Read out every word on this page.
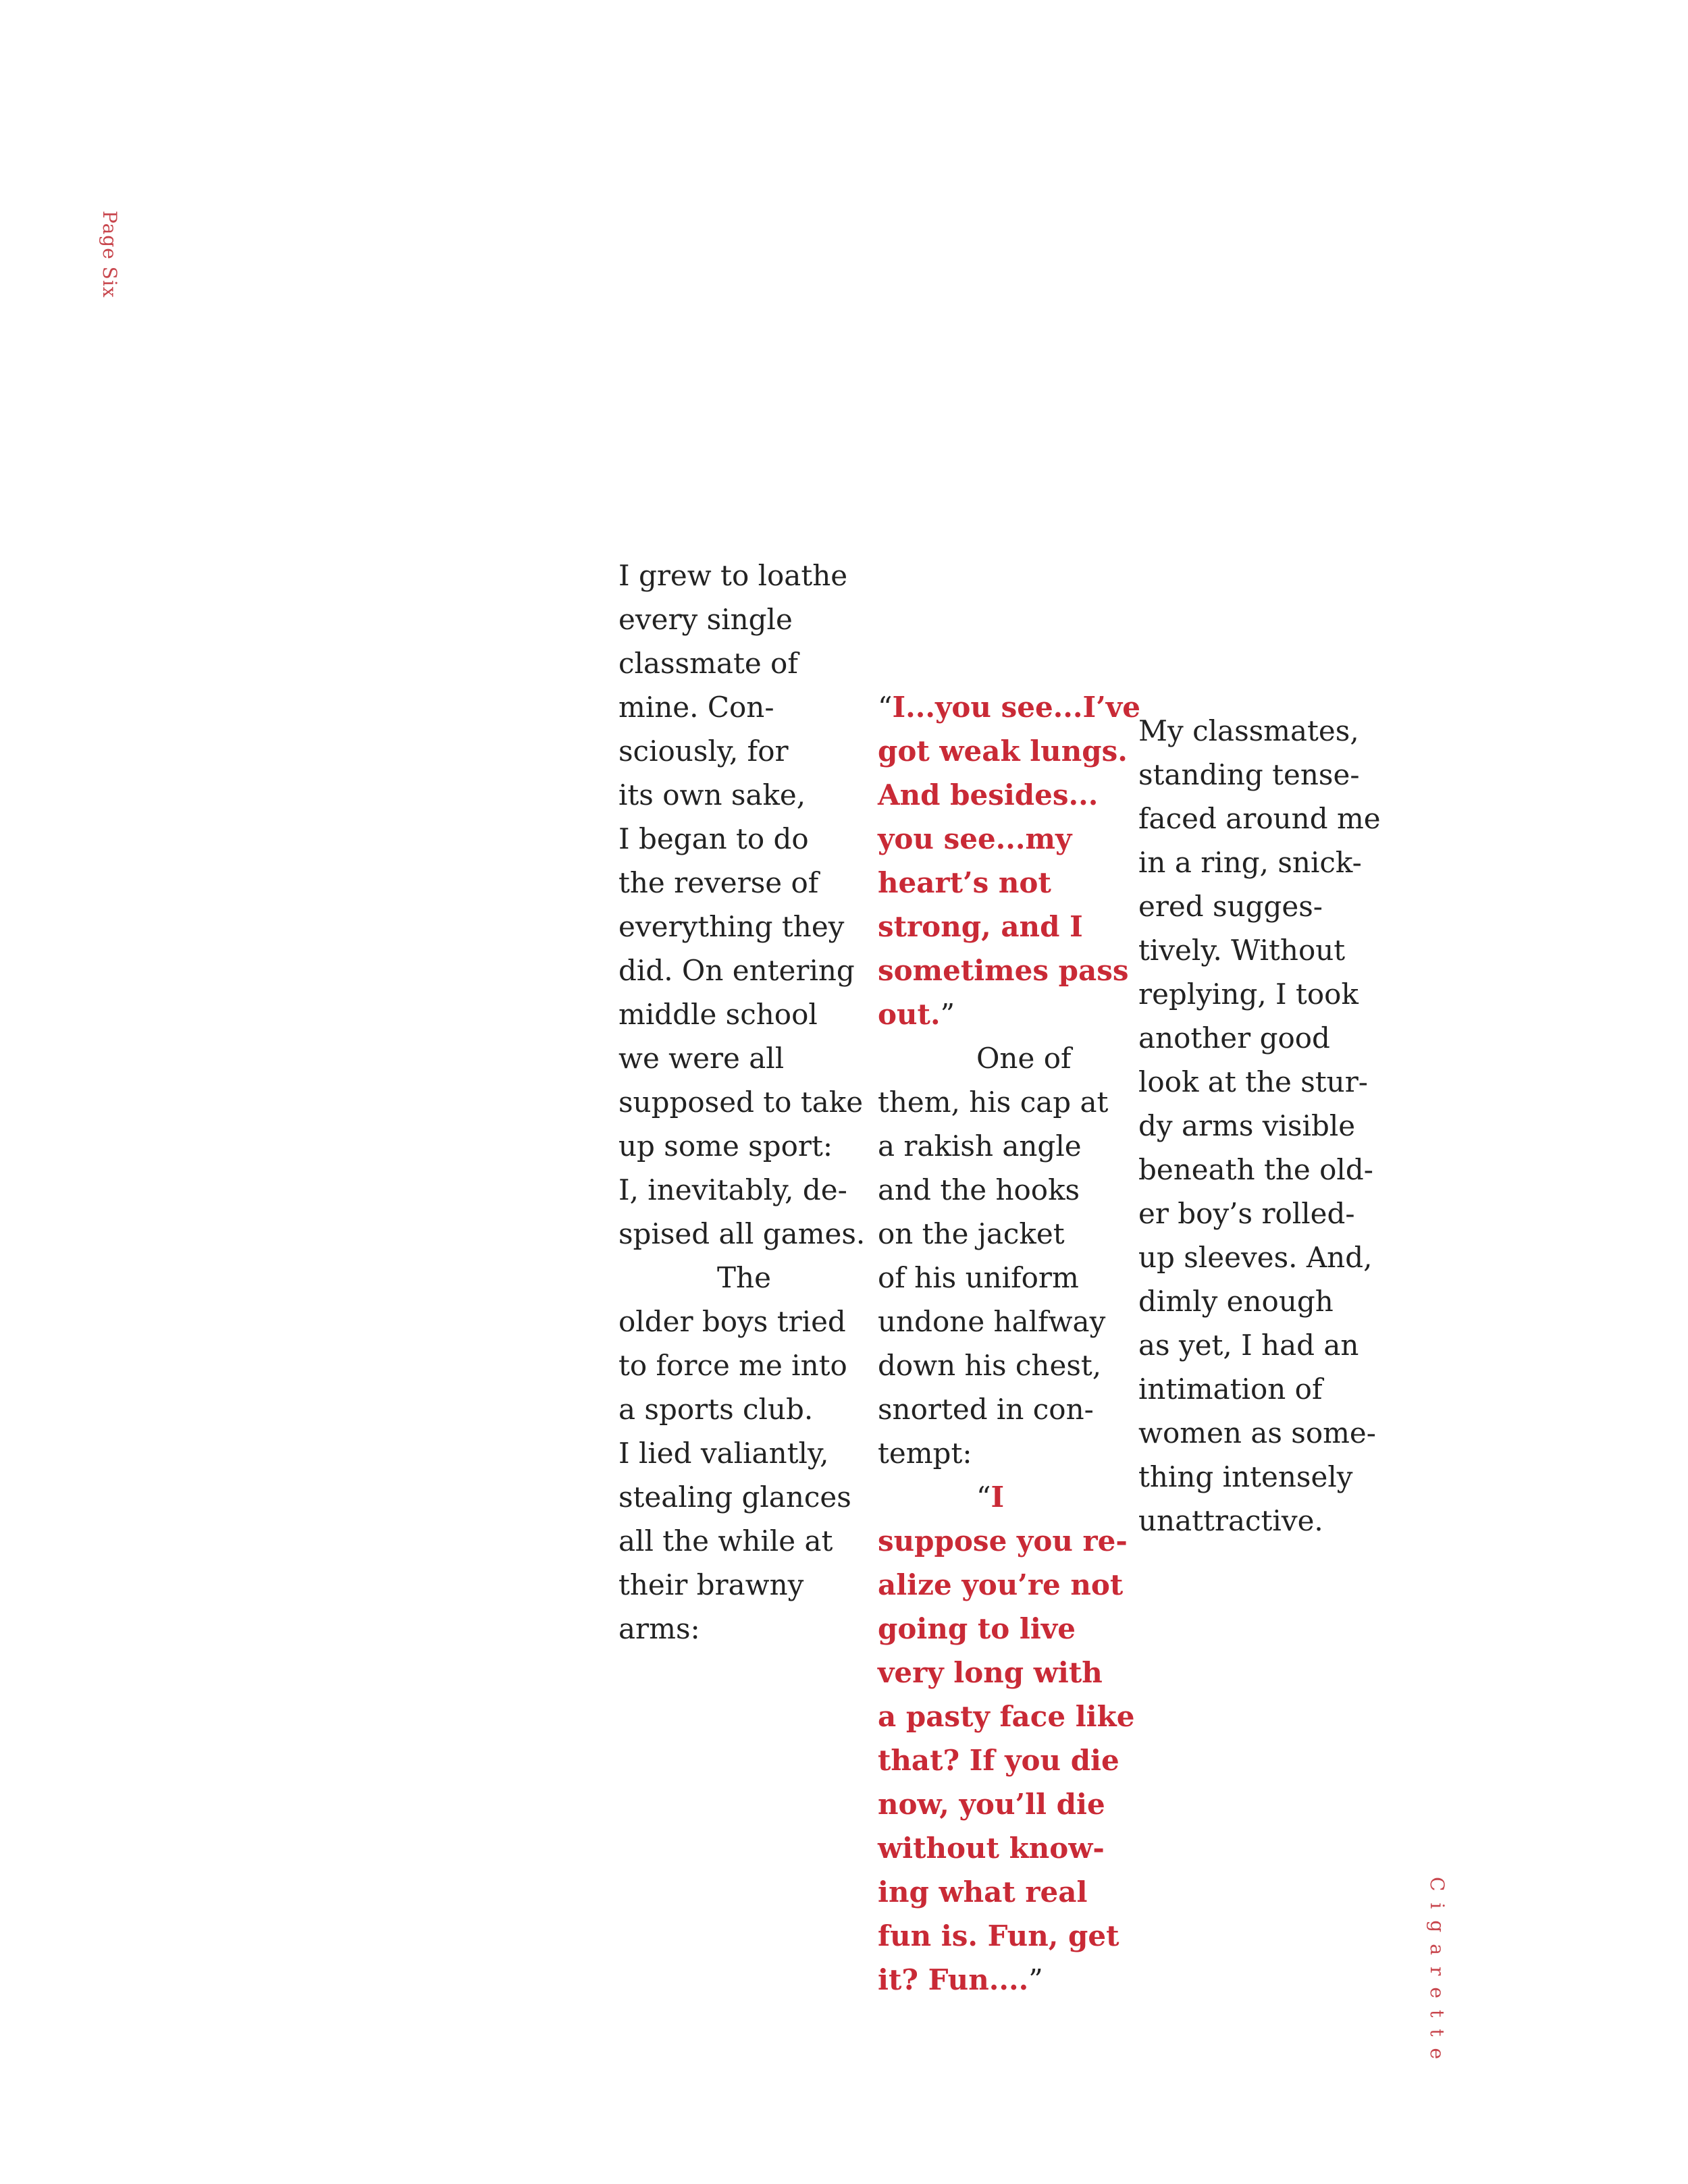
Page Six
I grew to loathe
every single
classmate of
mine. Con-
sciously, for
its own sake,
I began to do
the reverse of
everything they
did. On entering
middle school
we were all
supposed to take
up some sport:
I, inevitably, de-
spised all games.
The
older boys tried
to force me into
a sports club.
I lied valiantly,
stealing glances
all the while at
their brawny
arms:
“I...you see...I’ve
got weak lungs.
And besides...
you see...my
heart’s not
strong, and I
sometimes pass
out.”
One of
them, his cap at
a rakish angle
and the hooks
on the jacket
of his uniform
undone halfway
down his chest,
snorted in con-
tempt:
“I
suppose you re-
alize you’re not
going to live
very long with
a pasty face like
that? If you die
now, you’ll die
without know-
ing what real
fun is. Fun, get
it? Fun....”
My classmates,
standing tense-
faced around me
in a ring, snick-
ered sugges-
tively. Without
replying, I took
another good
look at the stur-
dy arms visible
beneath the old-
er boy’s rolled-
up sleeves. And,
dimly enough
as yet, I had an
intimation of
women as some-
thing intensely
unattractive.
Cigarette
